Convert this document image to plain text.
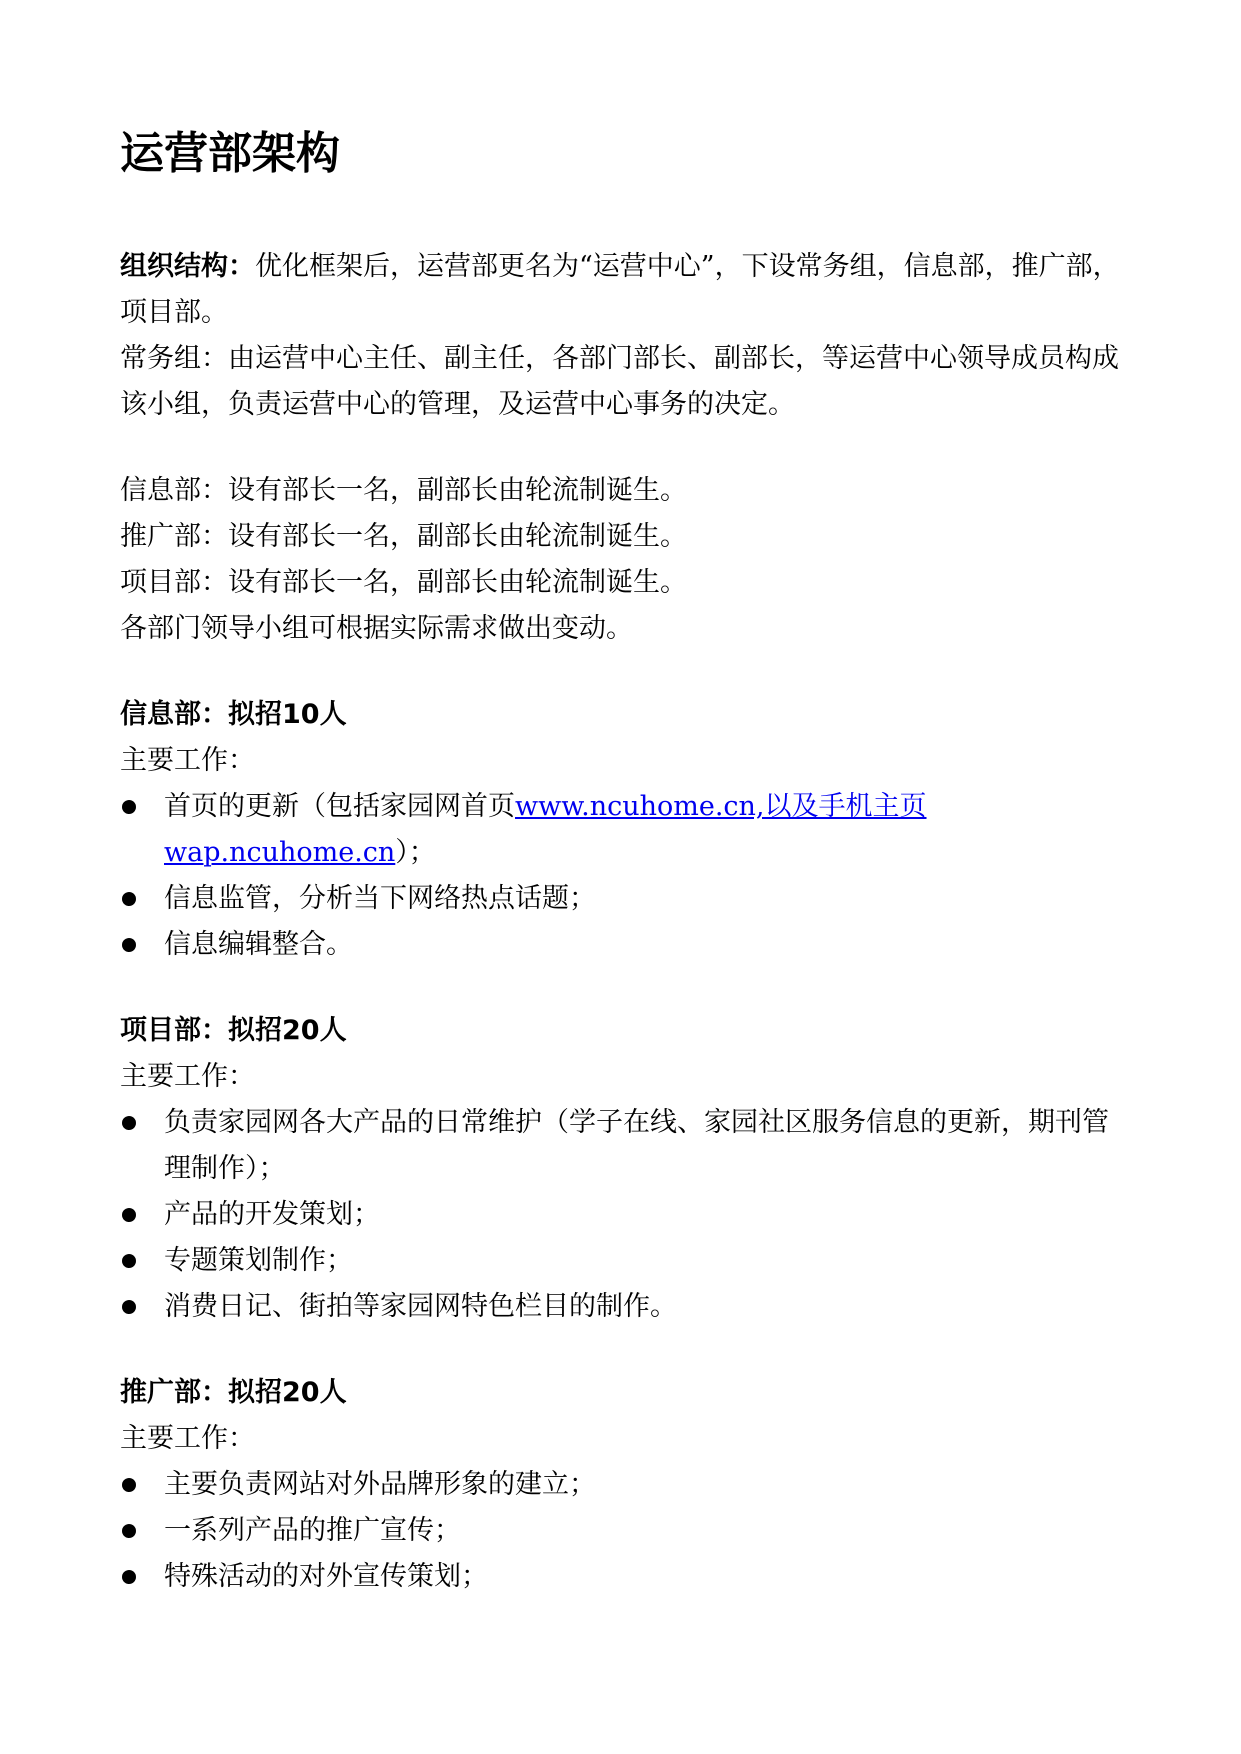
运营部架构

组织结构：优化框架后，运营部更名为“运营中心”，下设常务组，信息部，推广部，项目部。

常务组：由运营中心主任、副主任，各部门部长、副部长，等运营中心领导成员构成该小组，负责运营中心的管理，及运营中心事务的决定。

信息部：设有部长一名，副部长由轮流制诞生。

推广部：设有部长一名，副部长由轮流制诞生。

项目部：设有部长一名，副部长由轮流制诞生。

各部门领导小组可根据实际需求做出变动。

信息部：拟招10人

主要工作：

首页的更新（包括家园网首页www.ncuhome.cn,以及手机主页wap.ncuhome.cn）；
信息监管，分析当下网络热点话题；
信息编辑整合。

项目部：拟招20人

主要工作：

负责家园网各大产品的日常维护（学子在线、家园社区服务信息的更新，期刊管理制作）；
产品的开发策划；
专题策划制作；
消费日记、街拍等家园网特色栏目的制作。

推广部：拟招20人

主要工作：

主要负责网站对外品牌形象的建立；
一系列产品的推广宣传；
特殊活动的对外宣传策划；
